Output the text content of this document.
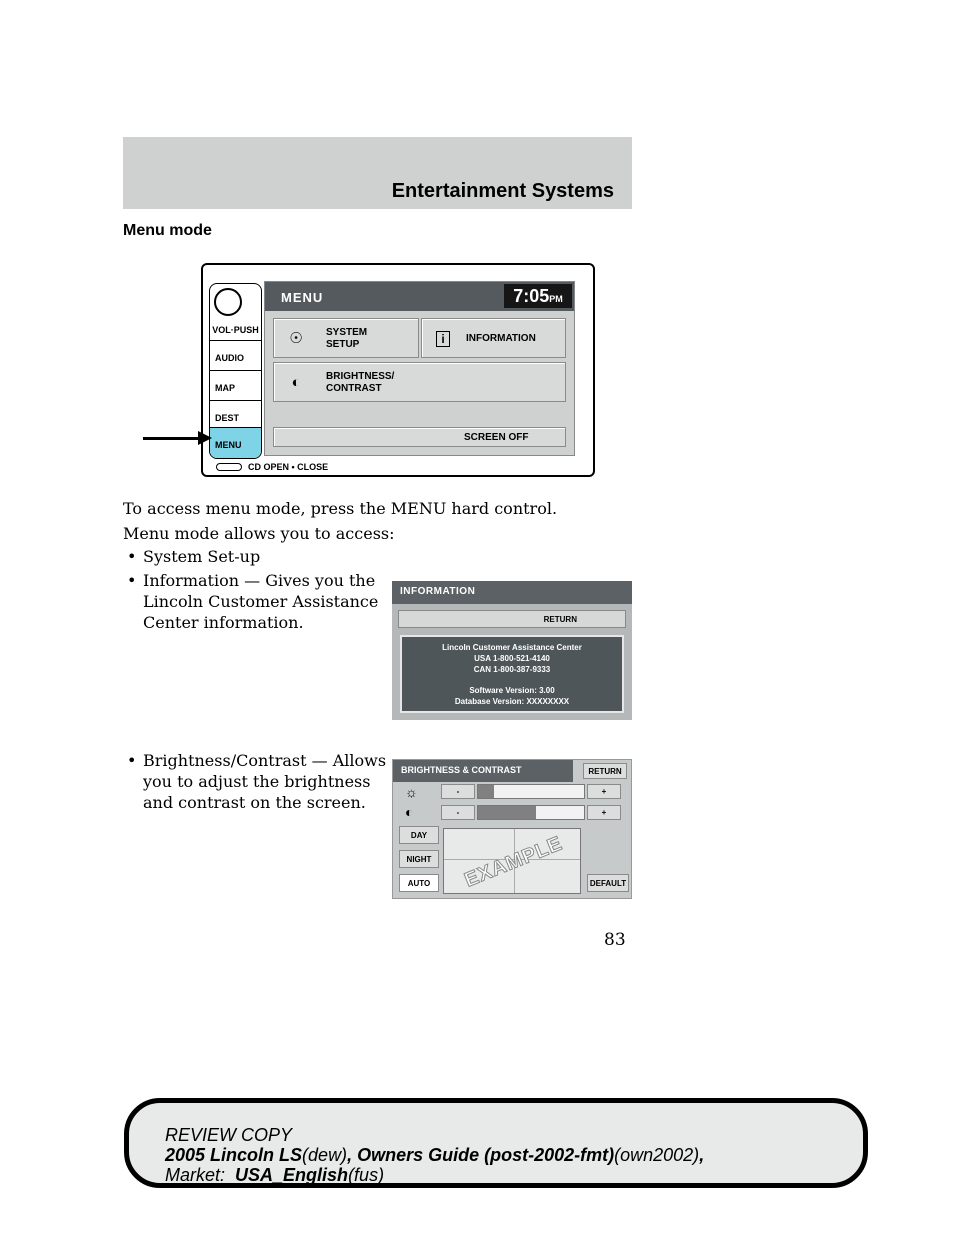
Entertainment Systems
Menu mode
AUDIO
MAP
DEST
MENU
VOL·PUSH
CD OPEN • CLOSE
MENU	7:05PM
☉ SYSTEM
SETUP	i	INFORMATION
◐	BRIGHTNESS/
CONTRAST
SCREEN OFF
To access menu mode, press the MENU hard control.
Menu mode allows you to access:
• System Set-up
• Information — Gives you the Lincoln Customer Assistance Center information.
• Brightness/Contrast — Allows you to adjust the brightness and contrast on the screen.
INFORMATION
RETURN
Lincoln Customer Assistance Center
USA 1-800-521-4140
CAN 1-800-387-9333
Software Version: 3.00
Database Version: XXXXXXXX
BRIGHTNESS & CONTRAST	RETURN
☼	-	+
◐	-	+
DAY
NIGHT
AUTO	DEFAULT
EXAMPLE
83
REVIEW COPY
2005 Lincoln LS(dew), Owners Guide (post-2002-fmt)(own2002),
Market: USA_English(fus)
